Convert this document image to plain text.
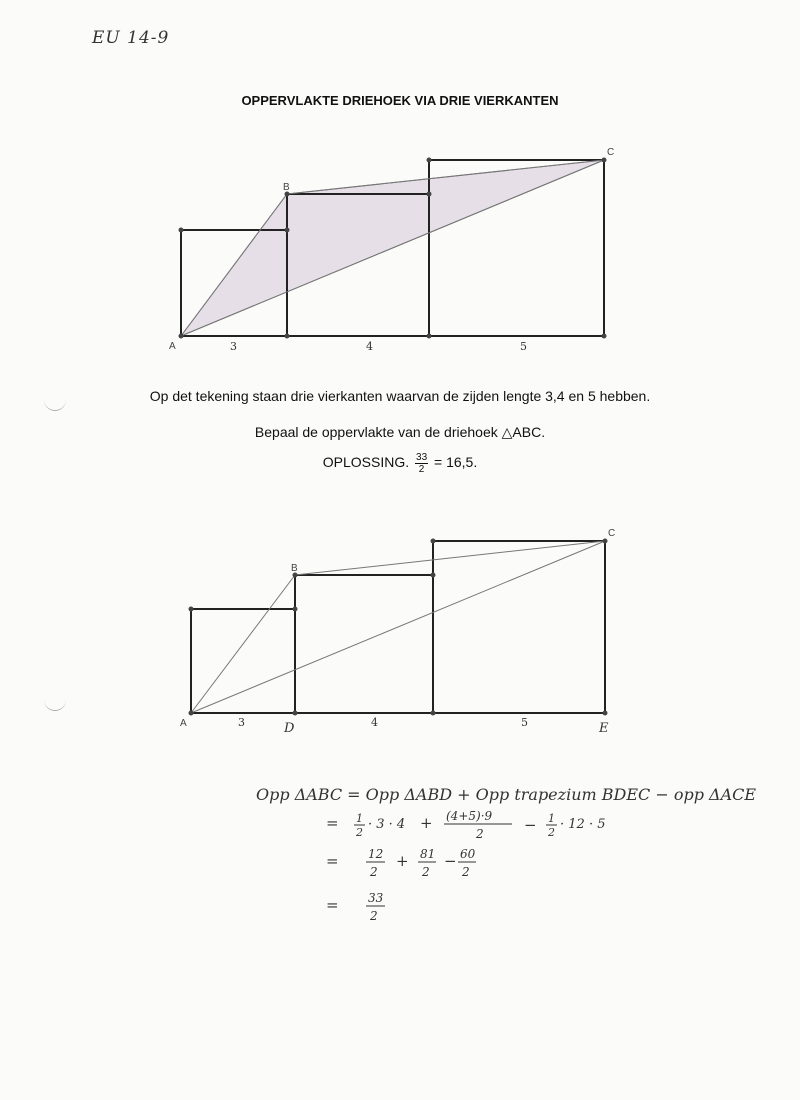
EU 14-9
OPPERVLAKTE DRIEHOEK VIA DRIE VIERKANTEN
A
B
C
3	4	5
Op det tekening staan drie vierkanten waarvan de zijden lengte 3,4 en 5 hebben.
Bepaal de oppervlakte van de driehoek △ABC.
OPLOSSING. $\frac{33}{2} = 16,5$.
A
B
C
D	E
3	4	5
Opp ΔABC = Opp ΔABD + Opp trapezium BDEC − opp ΔACE
= 1
2
· 3 · 4 + (4+5)·9
2	− 1
2
· 12 · 5
= 12
2
+ 81
2
− 60
2
= 33
2
